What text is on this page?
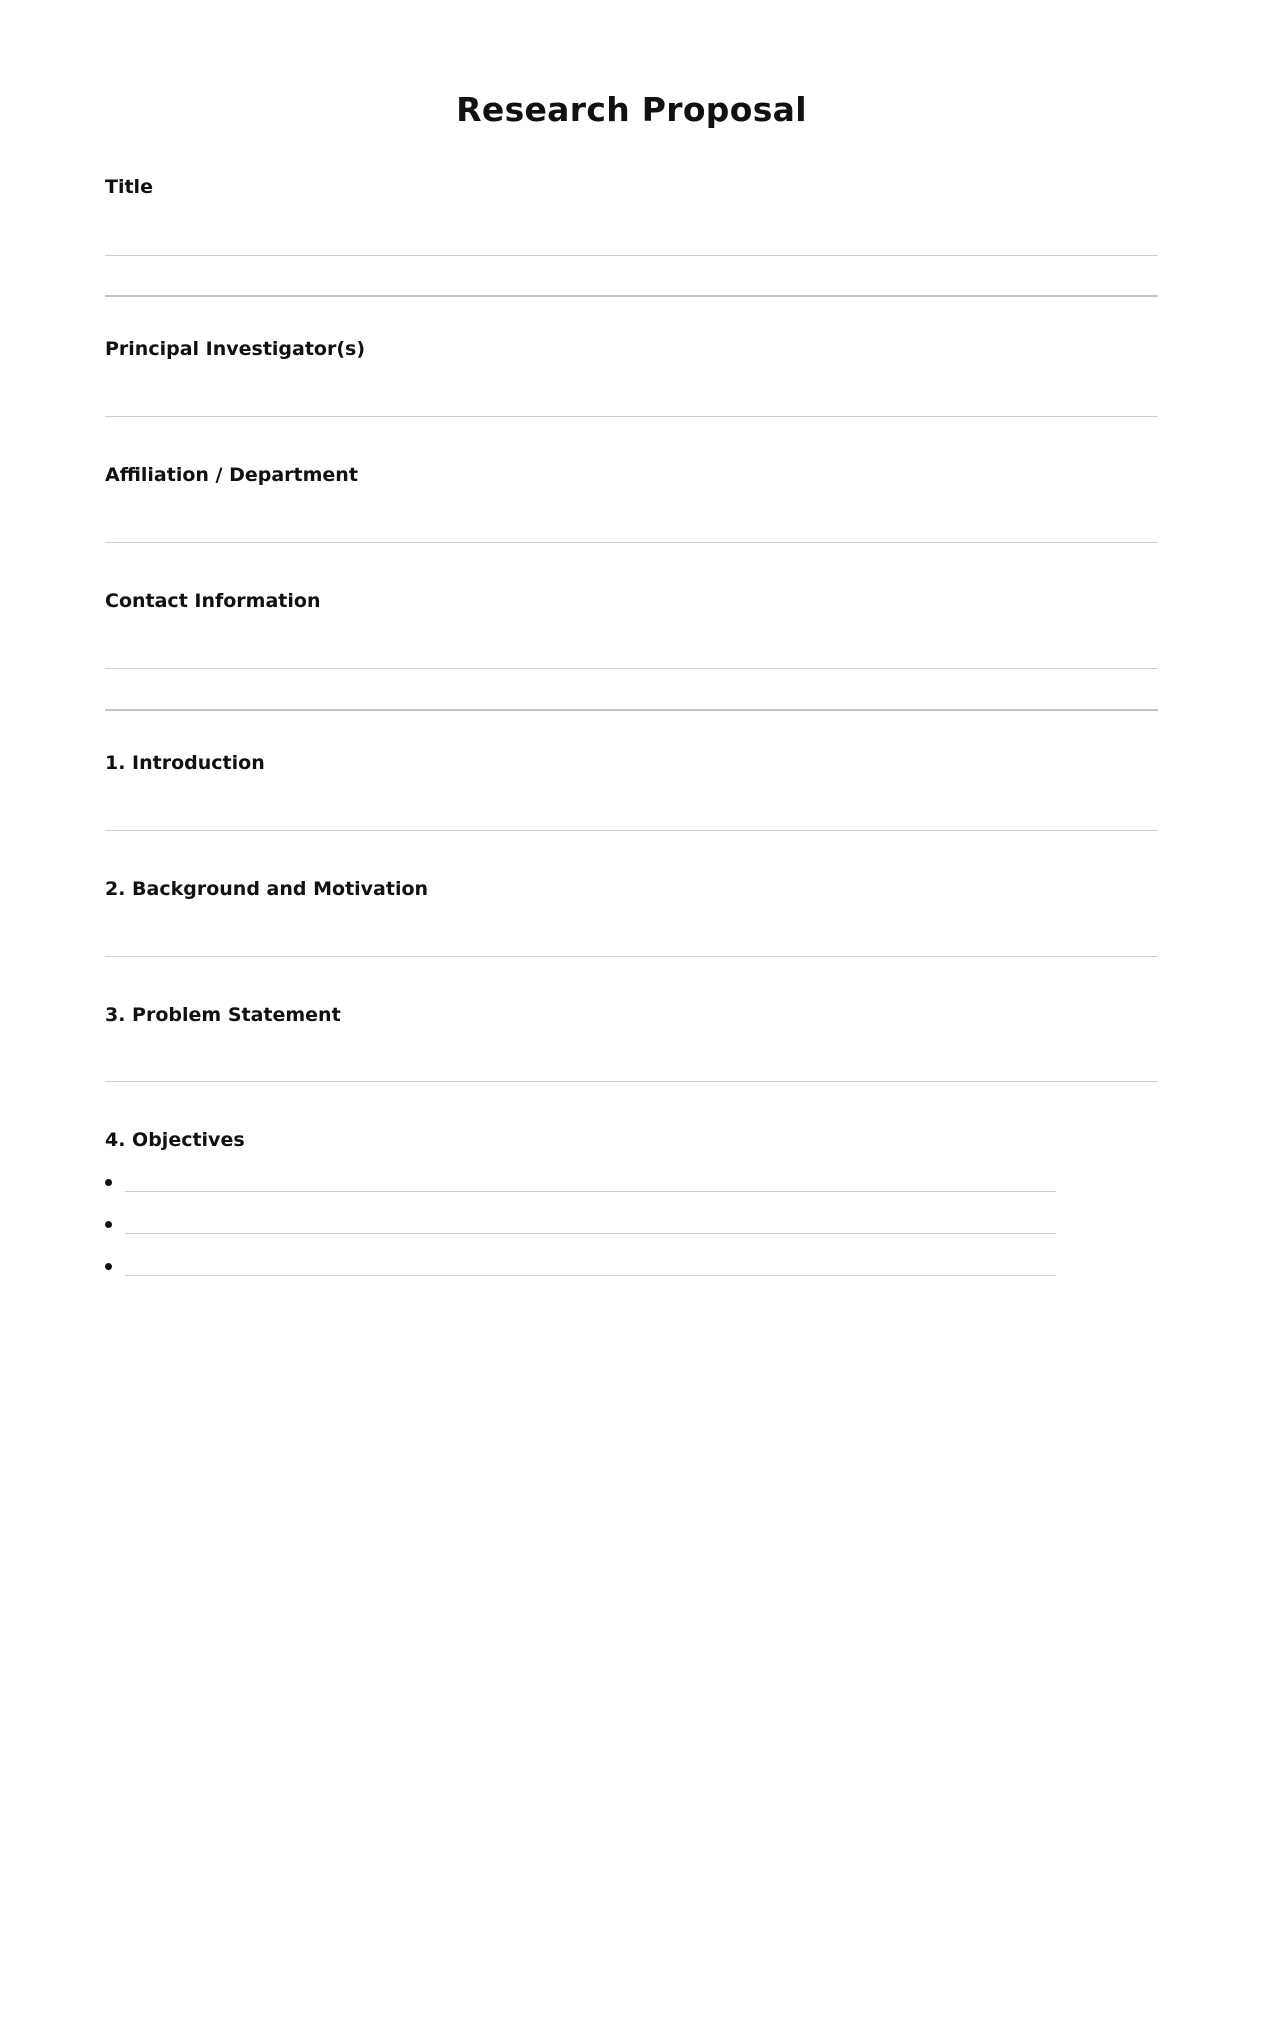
Research Proposal
Title
Principal Investigator(s)
Affiliation / Department
Contact Information
1. Introduction
2. Background and Motivation
3. Problem Statement
4. Objectives
